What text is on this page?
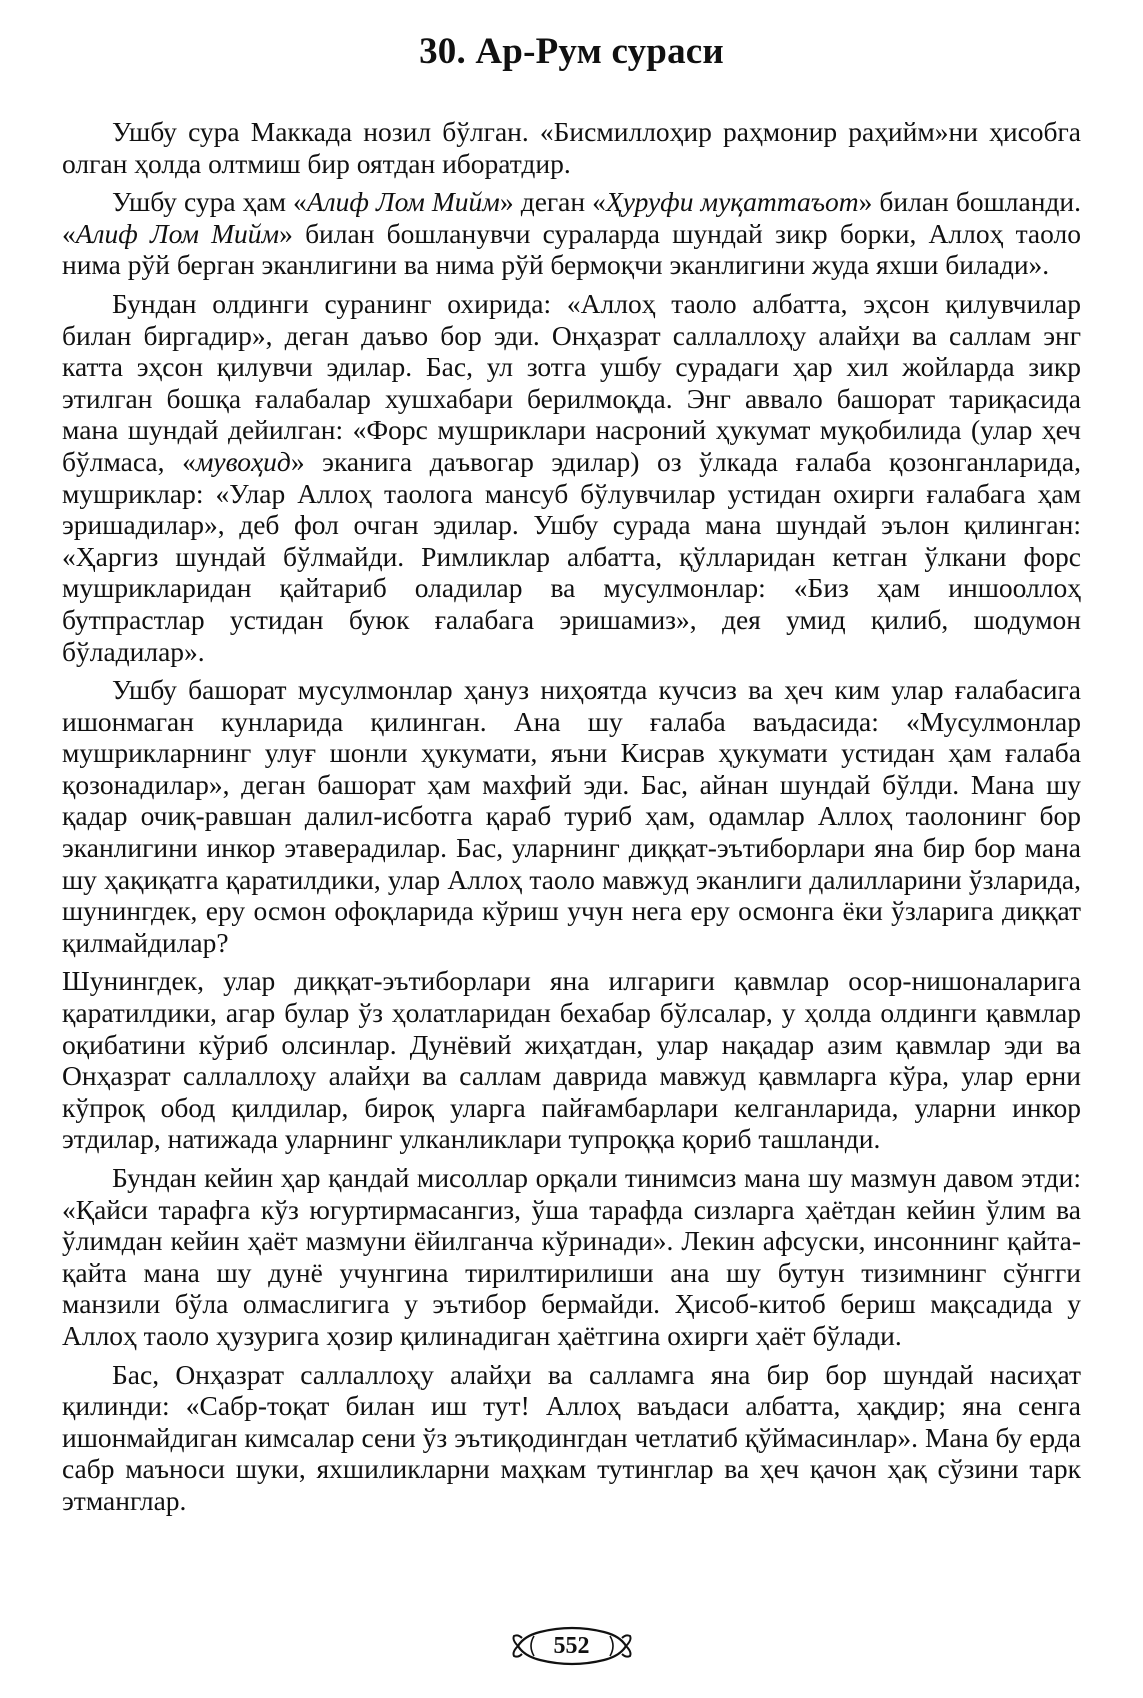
30. Ар-Рум сураси

Ушбу сура Маккада нозил бўлган. «Бисмиллоҳир раҳмонир раҳийм»ни ҳисобга олган ҳолда олтмиш бир оятдан иборатдир.

Ушбу сура ҳам «Алиф Лом Мийм» деган «Ҳуруфи муқаттаъот» билан бошланди. «Алиф Лом Мийм» билан бошланувчи сураларда шундай зикр борки, Аллоҳ таоло нима рўй берган эканлигини ва нима рўй бермоқчи эканлигини жуда яхши билади».

Бундан олдинги суранинг охирида: «Аллоҳ таоло албатта, эҳсон қилувчилар билан биргадир», деган даъво бор эди. Онҳазрат саллаллоҳу алайҳи ва саллам энг катта эҳсон қилувчи эдилар. Бас, ул зотга ушбу сурадаги ҳар хил жойларда зикр этилган бошқа ғалабалар хушхабари берилмоқда. Энг аввало башорат тариқасида мана шундай дейилган: «Форс мушриклари насроний ҳукумат муқобилида (улар ҳеч бўлмаса, «мувоҳид» эканига даъвогар эдилар) оз ўлкада ғалаба қозонганларида, мушриклар: «Улар Аллоҳ таологa мансуб бўлувчилар устидан охирги ғалабага ҳам эришадилар», деб фол очган эдилар. Ушбу сурада мана шундай эълон қилинган: «Ҳаргиз шундай бўлмайди. Римликлар албатта, қўлларидан кетган ўлкани форс мушрикларидан қайтариб оладилар ва мусулмонлар: «Биз ҳам иншооллоҳ бутпрастлар устидан буюк ғалабага эришамиз», дея умид қилиб, шодумон бўладилар».

Ушбу башорат мусулмонлар ҳануз ниҳоятда кучсиз ва ҳеч ким улар ғалабасига ишонмаган кунларида қилинган. Ана шу ғалаба ваъдасида: «Мусулмонлар мушрикларнинг улуғ шонли ҳукумати, яъни Кисрав ҳукумати устидан ҳам ғалаба қозонадилар», деган башорат ҳам махфий эди. Бас, айнан шундай бўлди. Мана шу қадар очиқ-равшан далил-исботга қараб туриб ҳам, одамлар Аллоҳ таолонинг бор эканлигини инкор этаверадилар. Бас, уларнинг диққат-эътиборлари яна бир бор мана шу ҳақиқатга қаратилдики, улар Аллоҳ таоло мавжуд эканлиги далилларини ўзларида, шунингдек, еру осмон офоқларида кўриш учун нега еру осмонга ёки ўзларига диққат қилмайдилар?

Шунингдек, улар диққат-эътиборлари яна илгариги қавмлар осор-нишоналарига қаратилдики, агар булар ўз ҳолатларидан бехабар бўлсалар, у ҳолда олдинги қавмлар оқибатини кўриб олсинлар. Дунёвий жиҳатдан, улар нақадар азим қавмлар эди ва Онҳазрат саллаллоҳу алайҳи ва саллам даврида мавжуд қавмларга кўра, улар ерни кўпроқ обод қилдилар, бироқ уларга пайғамбарлари келганларида, уларни инкор этдилар, натижада уларнинг улканликлари тупроққа қориб ташланди.

Бундан кейин ҳар қандай мисоллар орқали тинимсиз мана шу мазмун давом этди: «Қайси тарафга кўз югуртирмасангиз, ўша тарафда сизларга ҳаётдан кейин ўлим ва ўлимдан кейин ҳаёт мазмуни ёйилганча кўринади». Лекин афсуски, инсоннинг қайта-қайта мана шу дунё учунгина тирилтирилиши ана шу бутун тизимнинг сўнгги манзили бўла олмаслигига у эътибор бермайди. Ҳисоб-китоб бериш мақсадида у Аллоҳ таоло ҳузурига ҳозир қилинадиган ҳаётгина охирги ҳаёт бўлади.

Бас, Онҳазрат саллаллоҳу алайҳи ва салламга яна бир бор шундай насиҳат қилинди: «Сабр-тоқат билан иш тут! Аллоҳ ваъдаси албатта, ҳақдир; яна сенга ишонмайдиган кимсалар сени ўз эътиқодингдан четлатиб қўймасинлар». Мана бу ерда сабр маъноси шуки, яхшиликларни маҳкам тутинглар ва ҳеч қачон ҳақ сўзини тарк этманглар.

552
